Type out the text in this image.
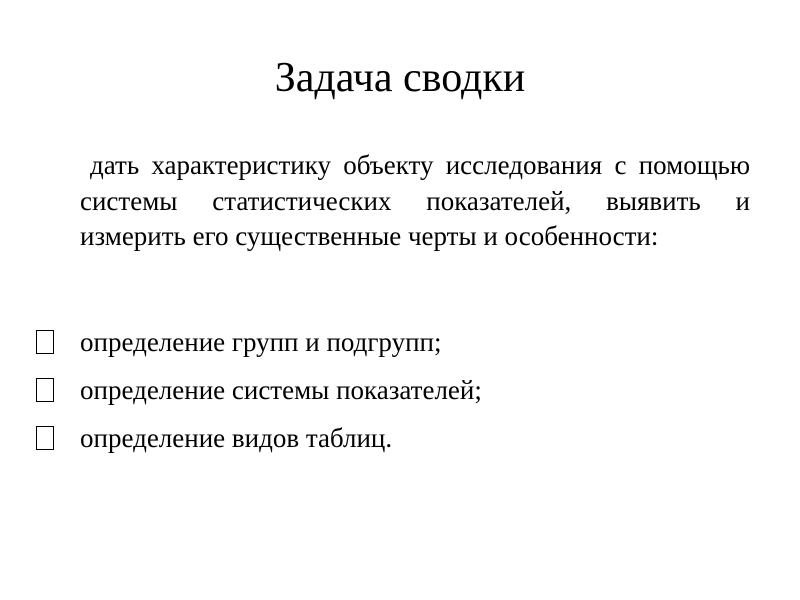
Задача сводки
дать характеристику объекту исследования с помощью системы статистических показателей, выявить и измерить его существенные черты и особенности:
определение групп и подгрупп;
определение системы показателей;
определение видов таблиц.
